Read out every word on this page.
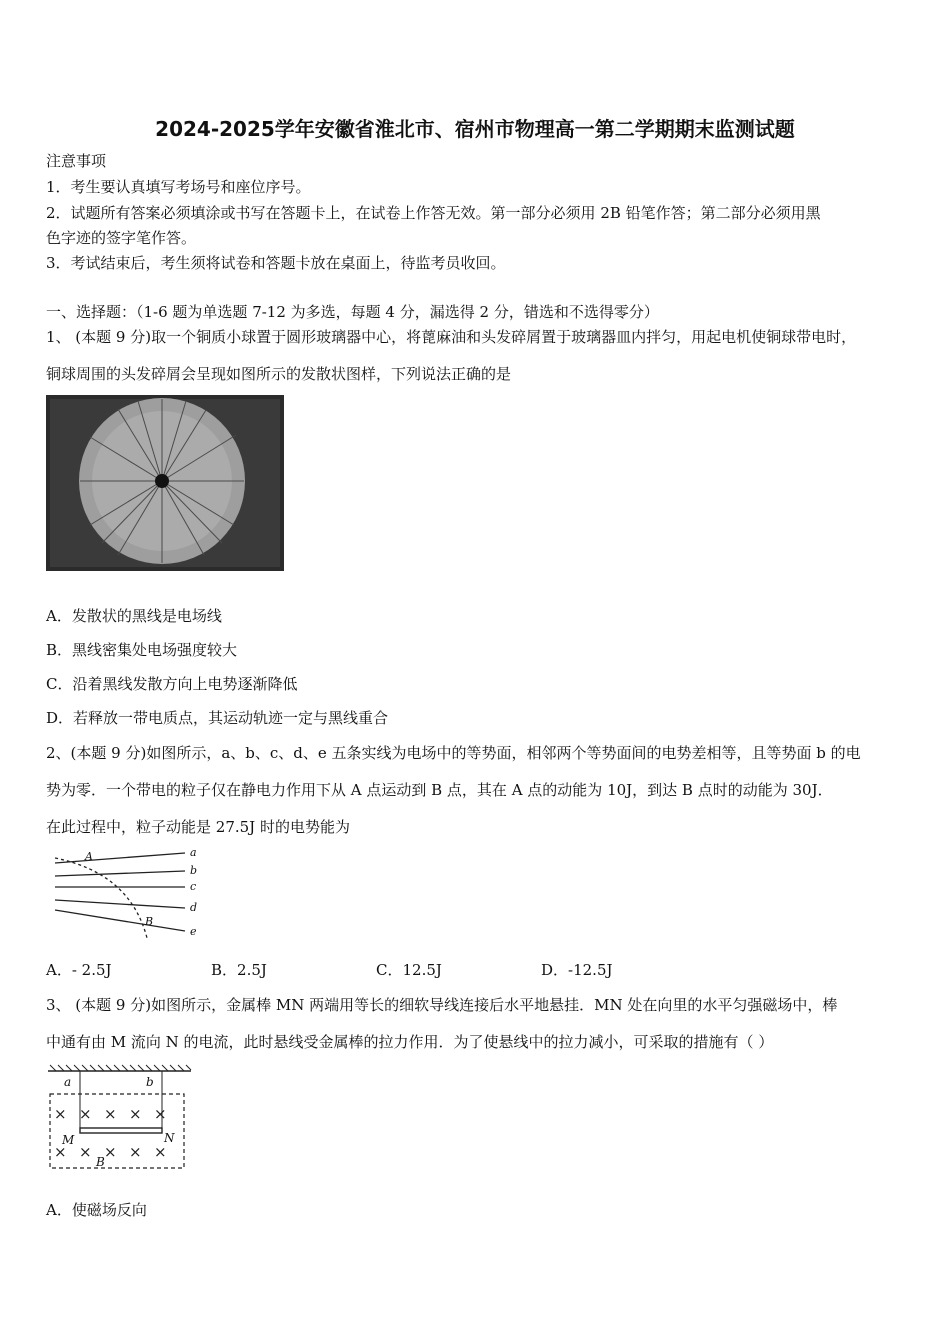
2024-2025学年安徽省淮北市、宿州市物理高一第二学期期末监测试题
注意事项
1．考生要认真填写考场号和座位序号。
2．试题所有答案必须填涂或书写在答题卡上，在试卷上作答无效。第一部分必须用 2B 铅笔作答；第二部分必须用黑
色字迹的签字笔作答。
3．考试结束后，考生须将试卷和答题卡放在桌面上，待监考员收回。
一、选择题：（1-6 题为单选题 7-12 为多选，每题 4 分，漏选得 2 分，错选和不选得零分）
1、 (本题 9 分)取一个铜质小球置于圆形玻璃器中心，将蓖麻油和头发碎屑置于玻璃器皿内拌匀，用起电机使铜球带电时，
铜球周围的头发碎屑会呈现如图所示的发散状图样，下列说法正确的是
A．发散状的黑线是电场线
B．黑线密集处电场强度较大
C．沿着黑线发散方向上电势逐渐降低
D．若释放一带电质点，其运动轨迹一定与黑线重合
2、(本题 9 分)如图所示，a、b、c、d、e 五条实线为电场中的等势面，相邻两个等势面间的电势差相等，且等势面 b 的电
势为零．一个带电的粒子仅在静电力作用下从 A 点运动到 B 点，其在 A 点的动能为 10J，到达 B 点时的动能为 30J．
在此过程中，粒子动能是 27.5J 时的电势能为
a
b
c
d
e
A
B
A．- 2.5J	B．2.5J	C．12.5J	D．-12.5J
3、 (本题 9 分)如图所示，金属棒 MN 两端用等长的细软导线连接后水平地悬挂．MN 处在向里的水平匀强磁场中，棒
中通有由 M 流向 N 的电流，此时悬线受金属棒的拉力作用．为了使悬线中的拉力减小，可采取的措施有（ ）
× × × × ×
× × × × ×
a	b
M	N
B
A．使磁场反向
